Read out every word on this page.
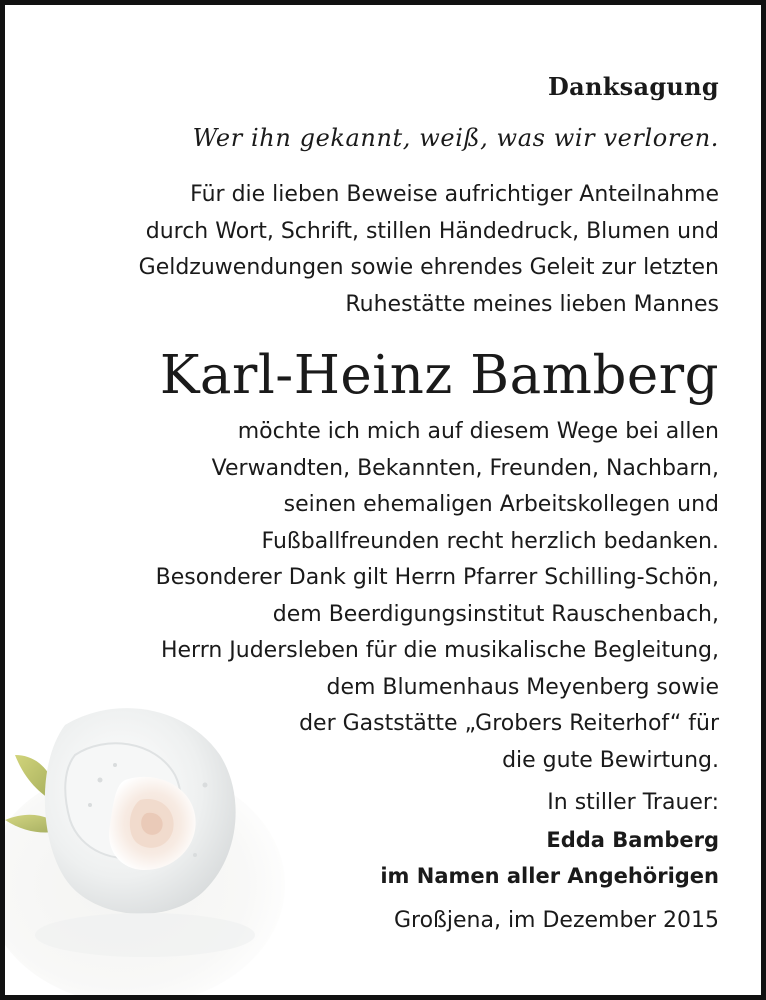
Danksagung
Wer ihn gekannt, weiß, was wir verloren.
Für die lieben Beweise aufrichtiger Anteilnahme
durch Wort, Schrift, stillen Händedruck, Blumen und
Geldzuwendungen sowie ehrendes Geleit zur letzten
Ruhestätte meines lieben Mannes
Karl-Heinz Bamberg
möchte ich mich auf diesem Wege bei allen
Verwandten, Bekannten, Freunden, Nachbarn,
seinen ehemaligen Arbeitskollegen und
Fußballfreunden recht herzlich bedanken.
Besonderer Dank gilt Herrn Pfarrer Schilling-Schön,
dem Beerdigungsinstitut Rauschenbach,
Herrn Judersleben für die musikalische Begleitung,
dem Blumenhaus Meyenberg sowie
der Gaststätte „Grobers Reiterhof“ für
die gute Bewirtung.
In stiller Trauer:
Edda Bamberg
im Namen aller Angehörigen
Großjena, im Dezember 2015
